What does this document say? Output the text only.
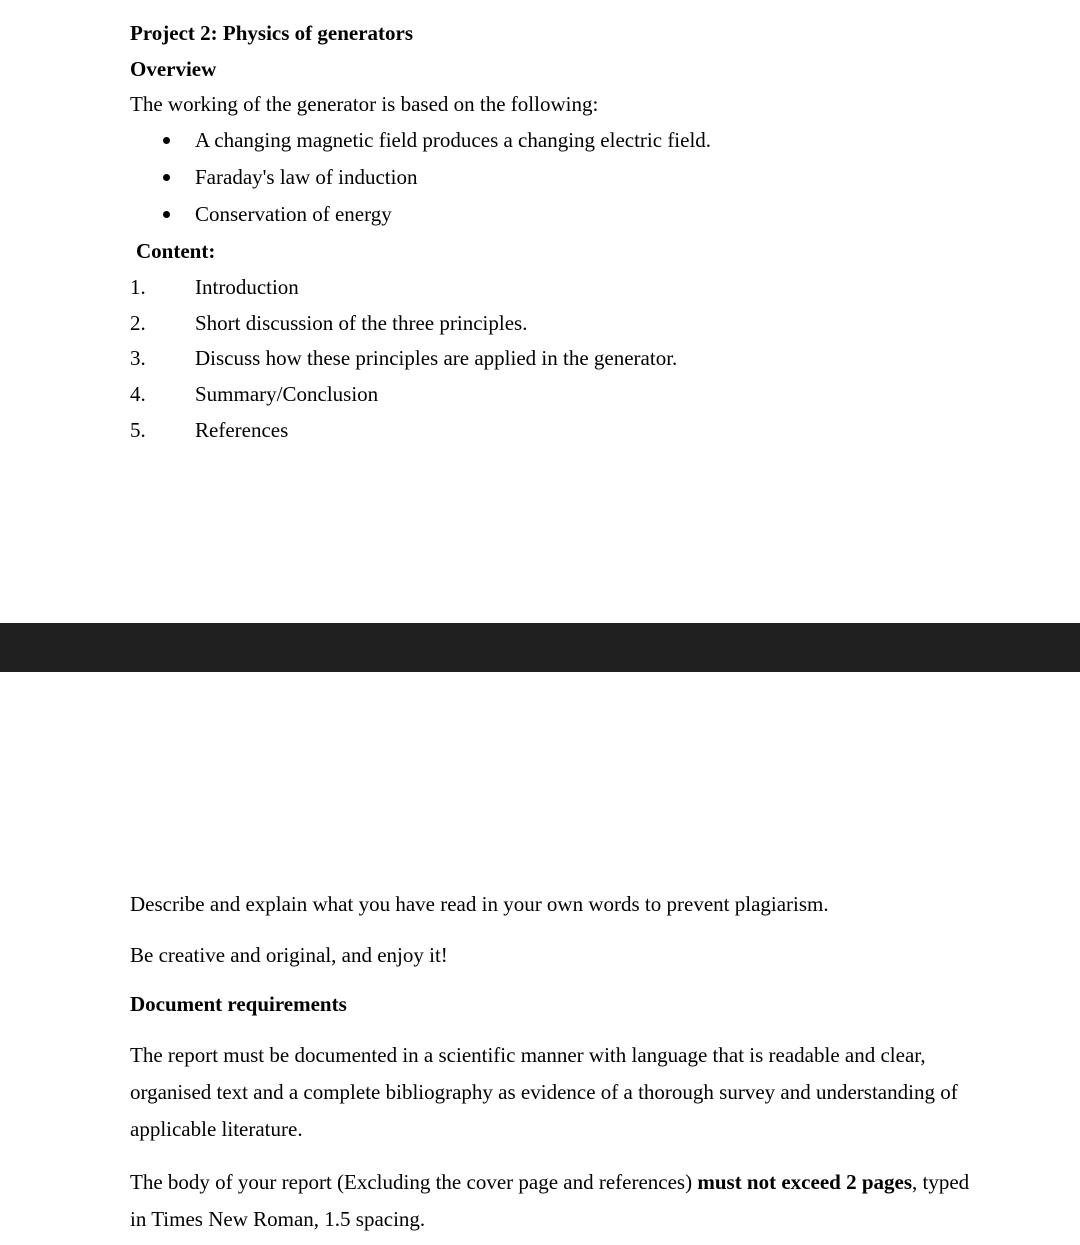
Project 2: Physics of generators
Overview
The working of the generator is based on the following:
A changing magnetic field produces a changing electric field.
Faraday's law of induction
Conservation of energy
Content:
1. Introduction
2. Short discussion of the three principles.
3. Discuss how these principles are applied in the generator.
4. Summary/Conclusion
5. References
Describe and explain what you have read in your own words to prevent plagiarism.
Be creative and original, and enjoy it!
Document requirements
The report must be documented in a scientific manner with language that is readable and clear, organised text and a complete bibliography as evidence of a thorough survey and understanding of applicable literature.
The body of your report (Excluding the cover page and references) must not exceed 2 pages, typed in Times New Roman, 1.5 spacing.
